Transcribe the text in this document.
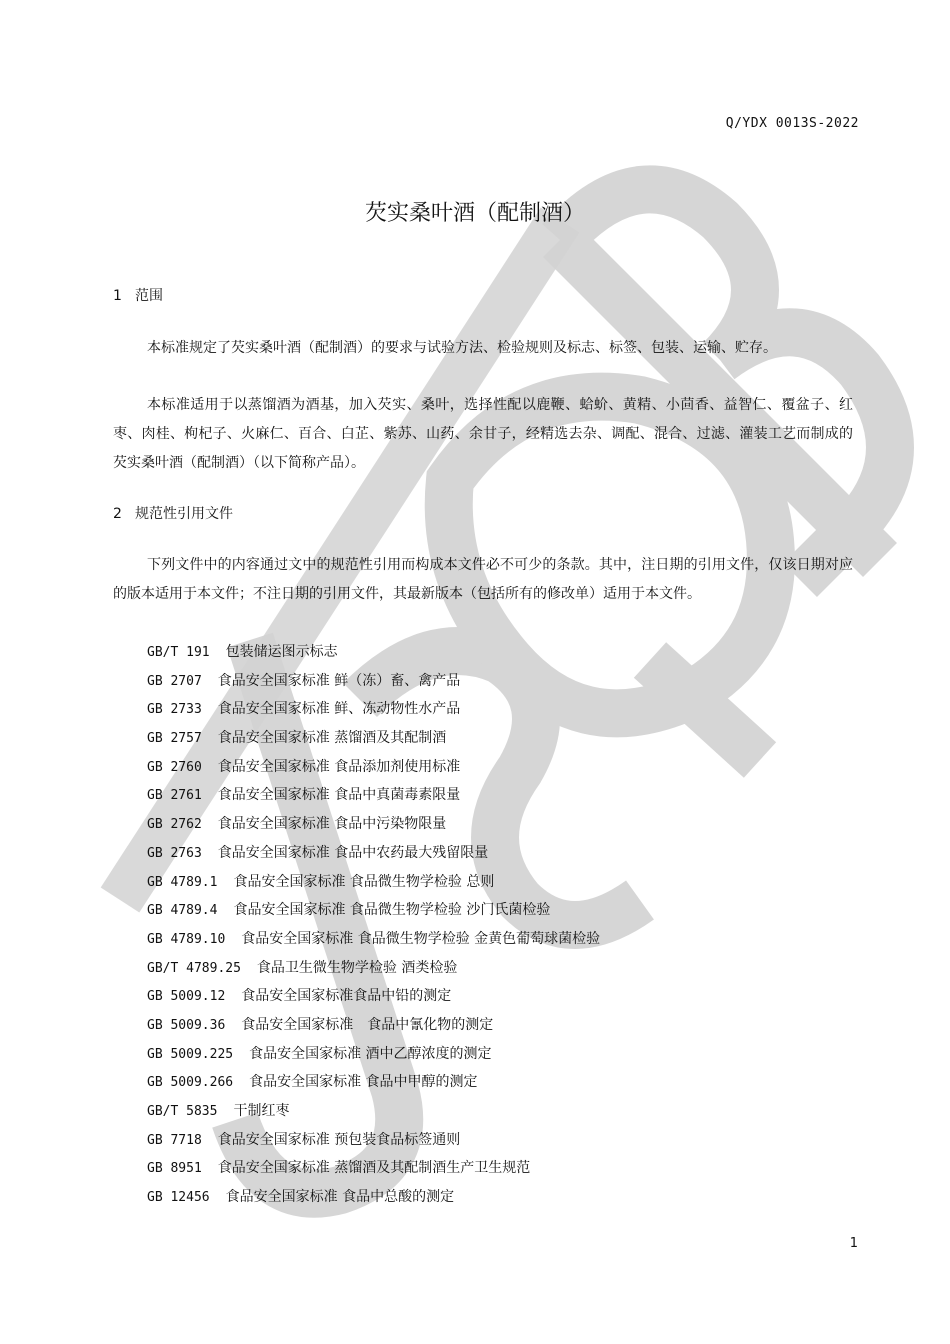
Q/YDX 0013S-2022
芡实桑叶酒（配制酒）
1 范围

本标准规定了芡实桑叶酒（配制酒）的要求与试验方法、检验规则及标志、标签、包装、运输、贮存。

本标准适用于以蒸馏酒为酒基，加入芡实、桑叶，选择性配以鹿鞭、蛤蚧、黄精、小茴香、益智仁、覆盆子、红枣、肉桂、枸杞子、火麻仁、百合、白芷、紫苏、山药、余甘子，经精选去杂、调配、混合、过滤、灌装工艺而制成的芡实桑叶酒（配制酒）（以下简称产品）。

2 规范性引用文件

下列文件中的内容通过文中的规范性引用而构成本文件必不可少的条款。其中，注日期的引用文件，仅该日期对应的版本适用于本文件；不注日期的引用文件，其最新版本（包括所有的修改单）适用于本文件。

GB/T 191 包装储运图示标志
GB 2707 食品安全国家标准 鲜（冻）畜、禽产品
GB 2733 食品安全国家标准 鲜、冻动物性水产品
GB 2757 食品安全国家标准 蒸馏酒及其配制酒
GB 2760 食品安全国家标准 食品添加剂使用标准
GB 2761 食品安全国家标准 食品中真菌毒素限量
GB 2762 食品安全国家标准 食品中污染物限量
GB 2763 食品安全国家标准 食品中农药最大残留限量
GB 4789.1 食品安全国家标准 食品微生物学检验 总则
GB 4789.4 食品安全国家标准 食品微生物学检验 沙门氏菌检验
GB 4789.10 食品安全国家标准 食品微生物学检验 金黄色葡萄球菌检验
GB/T 4789.25 食品卫生微生物学检验 酒类检验
GB 5009.12 食品安全国家标准食品中铅的测定
GB 5009.36 食品安全国家标准　食品中氰化物的测定
GB 5009.225 食品安全国家标准 酒中乙醇浓度的测定
GB 5009.266 食品安全国家标准 食品中甲醇的测定
GB/T 5835 干制红枣
GB 7718 食品安全国家标准 预包装食品标签通则
GB 8951 食品安全国家标准 蒸馏酒及其配制酒生产卫生规范
GB 12456 食品安全国家标准 食品中总酸的测定
1
